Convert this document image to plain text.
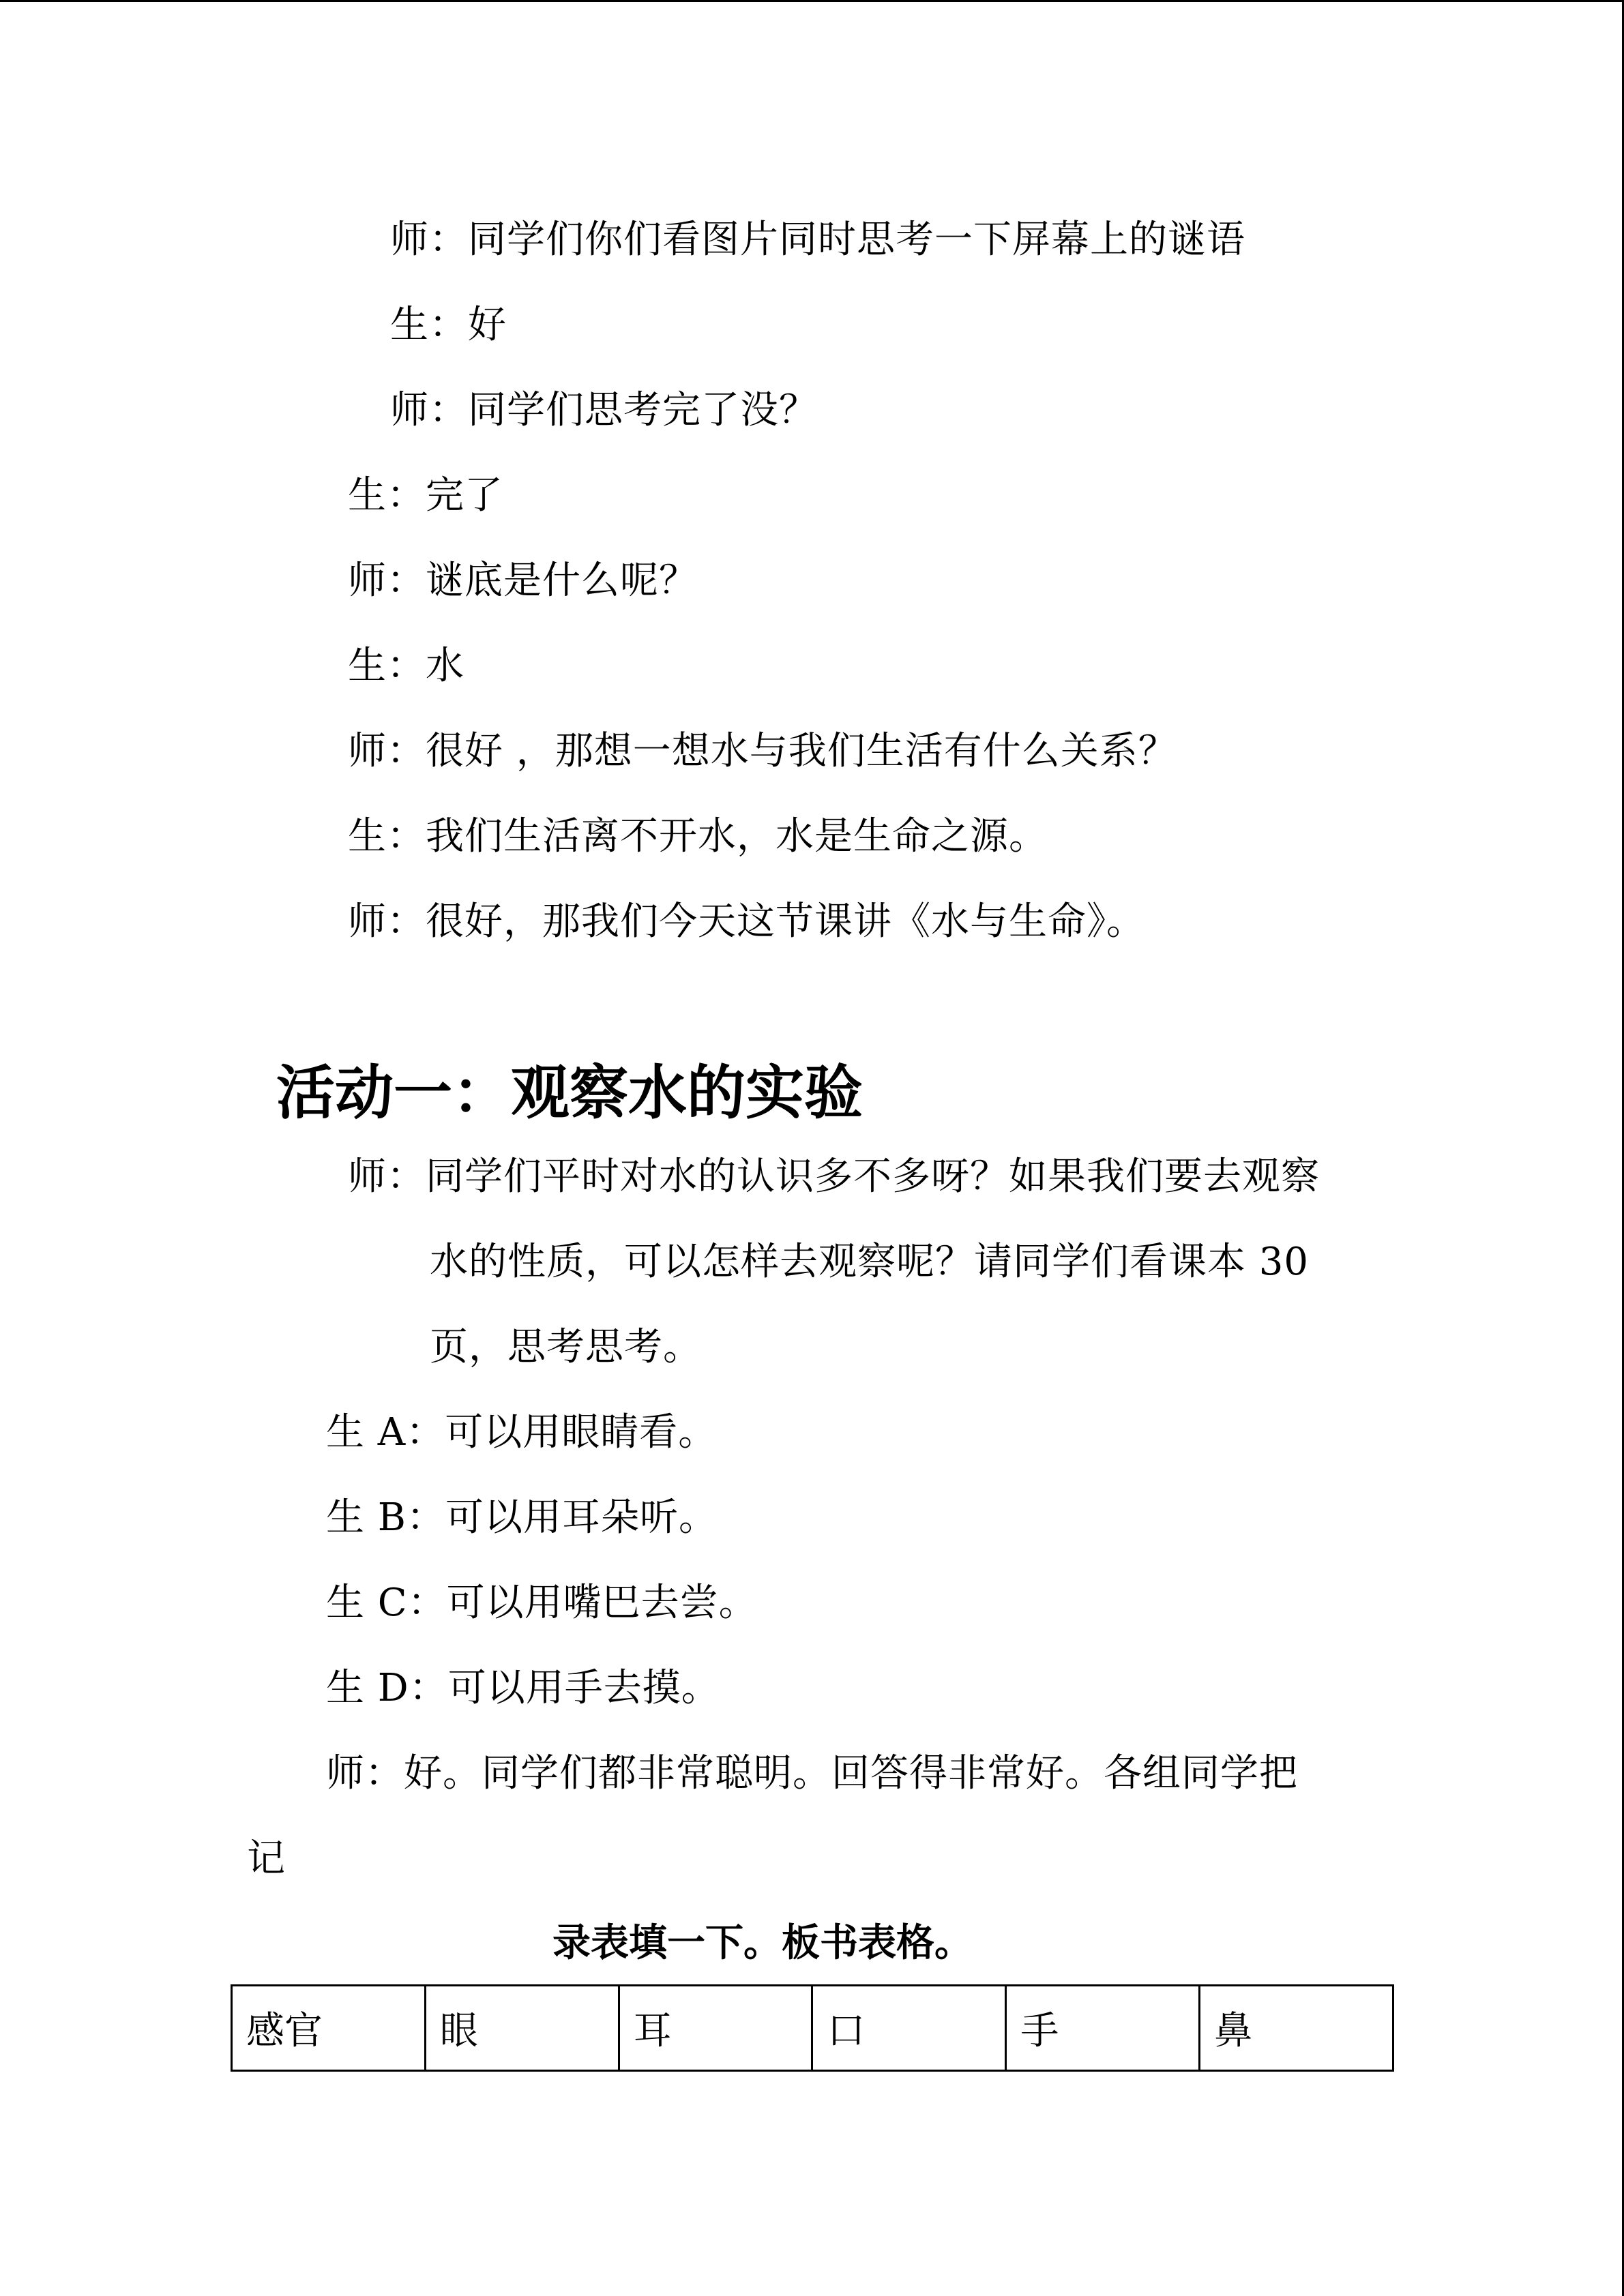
师：同学们你们看图片同时思考一下屏幕上的谜语
生：好
师：同学们思考完了没？
生：完了
师：谜底是什么呢？
生：水
师：很好 ，那想一想水与我们生活有什么关系？
生：我们生活离不开水，水是生命之源。
师：很好，那我们今天这节课讲《水与生命》。
活动一：观察水的实验
师：同学们平时对水的认识多不多呀？如果我们要去观察
水的性质，可以怎样去观察呢？请同学们看课本 30
页，思考思考。
生 A：可以用眼睛看。
生 B：可以用耳朵听。
生 C：可以用嘴巴去尝。
生 D：可以用手去摸。
师：好。同学们都非常聪明。回答得非常好。各组同学把
记
录表填一下。板书表格。
感官	眼	耳	口	手	鼻
